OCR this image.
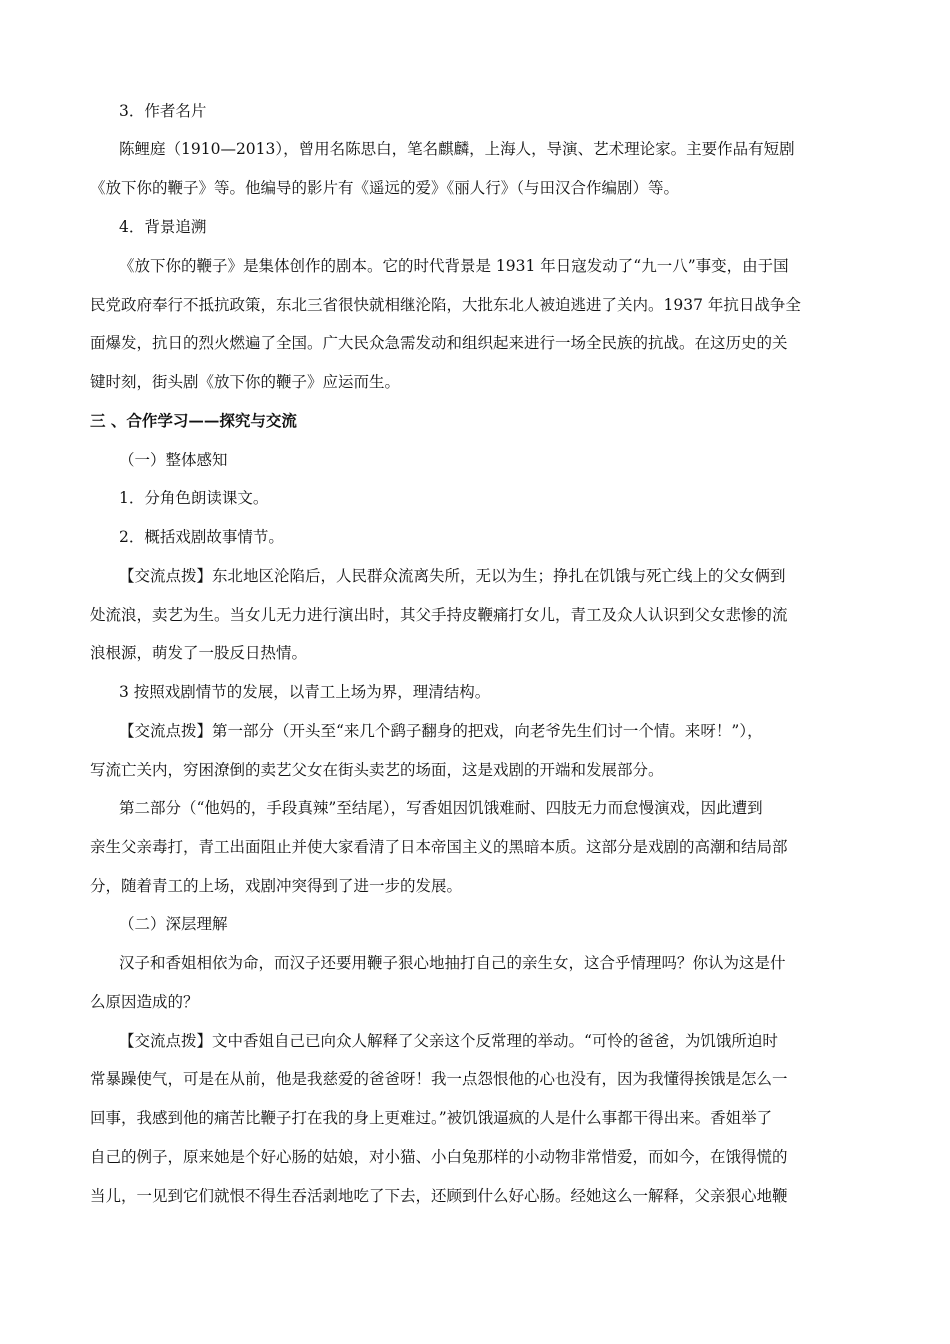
3．作者名片
陈鲤庭（1910—2013），曾用名陈思白，笔名麒麟，上海人，导演、艺术理论家。主要作品有短剧
《放下你的鞭子》等。他编导的影片有《遥远的爱》《丽人行》（与田汉合作编剧）等。
4．背景追溯
《放下你的鞭子》是集体创作的剧本。它的时代背景是 1931 年日寇发动了“九一八”事变，由于国
民党政府奉行不抵抗政策，东北三省很快就相继沦陷，大批东北人被迫逃进了关内。1937 年抗日战争全
面爆发，抗日的烈火燃遍了全国。广大民众急需发动和组织起来进行一场全民族的抗战。在这历史的关
键时刻，街头剧《放下你的鞭子》应运而生。
三 、合作学习——探究与交流
（一）整体感知
1．分角色朗读课文。
2．概括戏剧故事情节。
【交流点拨】东北地区沦陷后，人民群众流离失所，无以为生；挣扎在饥饿与死亡线上的父女俩到
处流浪，卖艺为生。当女儿无力进行演出时，其父手持皮鞭痛打女儿，青工及众人认识到父女悲惨的流
浪根源，萌发了一股反日热情。
3 按照戏剧情节的发展，以青工上场为界，理清结构。
【交流点拨】第一部分（开头至“来几个鹞子翻身的把戏，向老爷先生们讨一个情。来呀！”），
写流亡关内，穷困潦倒的卖艺父女在街头卖艺的场面，这是戏剧的开端和发展部分。
第二部分（“他妈的，手段真辣”至结尾），写香姐因饥饿难耐、四肢无力而怠慢演戏，因此遭到
亲生父亲毒打，青工出面阻止并使大家看清了日本帝国主义的黑暗本质。这部分是戏剧的高潮和结局部
分，随着青工的上场，戏剧冲突得到了进一步的发展。
（二）深层理解
汉子和香姐相依为命，而汉子还要用鞭子狠心地抽打自己的亲生女，这合乎情理吗？你认为这是什
么原因造成的？
【交流点拨】文中香姐自己已向众人解释了父亲这个反常理的举动。“可怜的爸爸，为饥饿所迫时
常暴躁使气，可是在从前，他是我慈爱的爸爸呀！我一点怨恨他的心也没有，因为我懂得挨饿是怎么一
回事，我感到他的痛苦比鞭子打在我的身上更难过。”被饥饿逼疯的人是什么事都干得出来。香姐举了
自己的例子，原来她是个好心肠的姑娘，对小猫、小白兔那样的小动物非常惜爱，而如今，在饿得慌的
当儿，一见到它们就恨不得生吞活剥地吃了下去，还顾到什么好心肠。经她这么一解释，父亲狠心地鞭
